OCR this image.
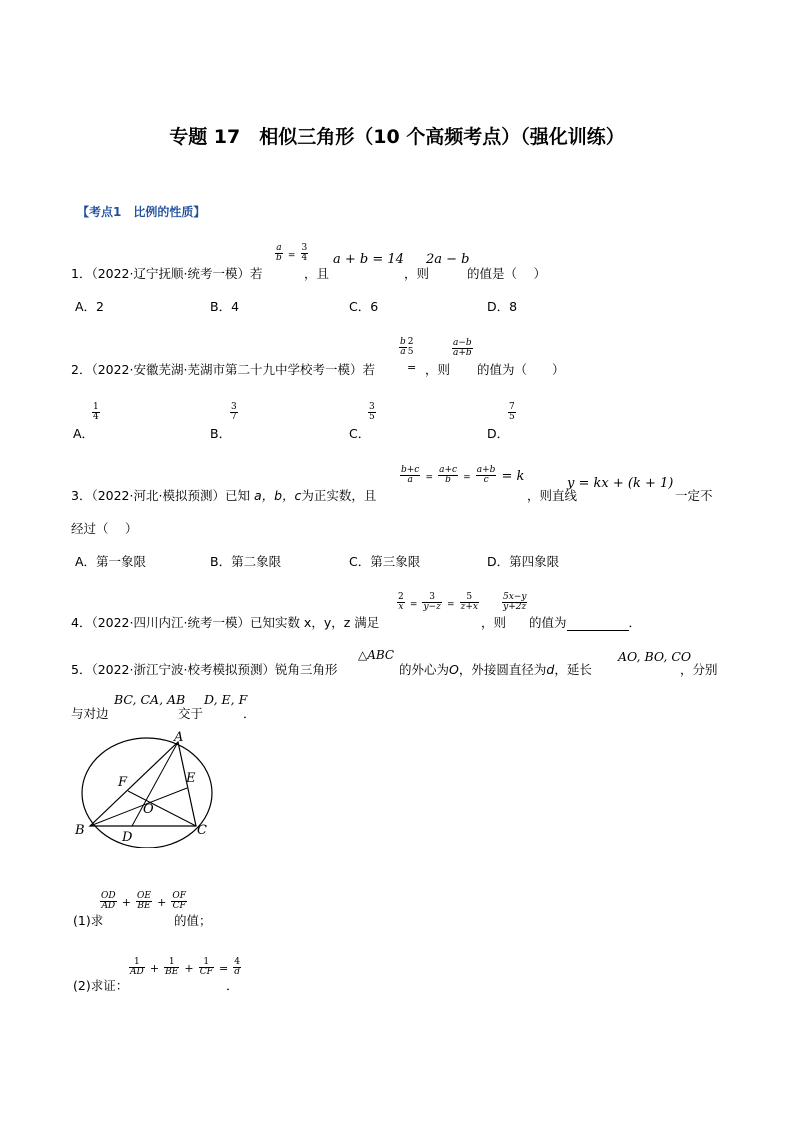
专题 17　相似三角形（10 个高频考点）（强化训练）
【考点1　比例的性质】
1．（2022·辽宁抚顺·统考一模）若
$\frac{a}{b} = \frac{3}{4}$
，且
a + b = 14
，则
2a − b
的值是（　 ）
A．2	B．4	C．6	D．8
2．（2022·安徽芜湖·芜湖市第二十九中学校考一模）若
$\frac{b}{a} 2$
5
= ，则
$\frac{a-b}{a+b}$
的值为（　　）
$\frac{1}{4}$
A．
$\frac{3}{7}$
B．
$\frac{3}{5}$
C．
$\frac{7}{5}$
D．
3．（2022·河北·模拟预测）已知 a，b，c为正实数，且
$\frac{b+c}{a} = \frac{a+c}{b} = \frac{a+b}{c} = k$
，则直线
y = kx + (k + 1)
一定不
经过（　 ）
A．第一象限	B．第二象限	C．第三象限	D．第四象限
4．（2022·四川内江·统考一模）已知实数 x，y，z 满足
$\frac{2}{x} = \frac{3}{y-z} = \frac{5}{z+x}$
，则
$\frac{5x-y}{y+2z}$
的值为	．
5．（2022·浙江宁波·校考模拟预测）锐角三角形
△ABC
的外心为O，外接圆直径为d，延长
AO, BO, CO
，分别
与对边
BC, CA, AB
交于
D, E, F
．
A
B	C
D
E
F
O
$\frac{OD}{AD} + \frac{OE}{BE} + \frac{OF}{CF}$
(1)求	的值；
$\frac{1}{AD} + \frac{1}{BE} + \frac{1}{CF} = \frac{4}{d}$
(2)求证：	．
